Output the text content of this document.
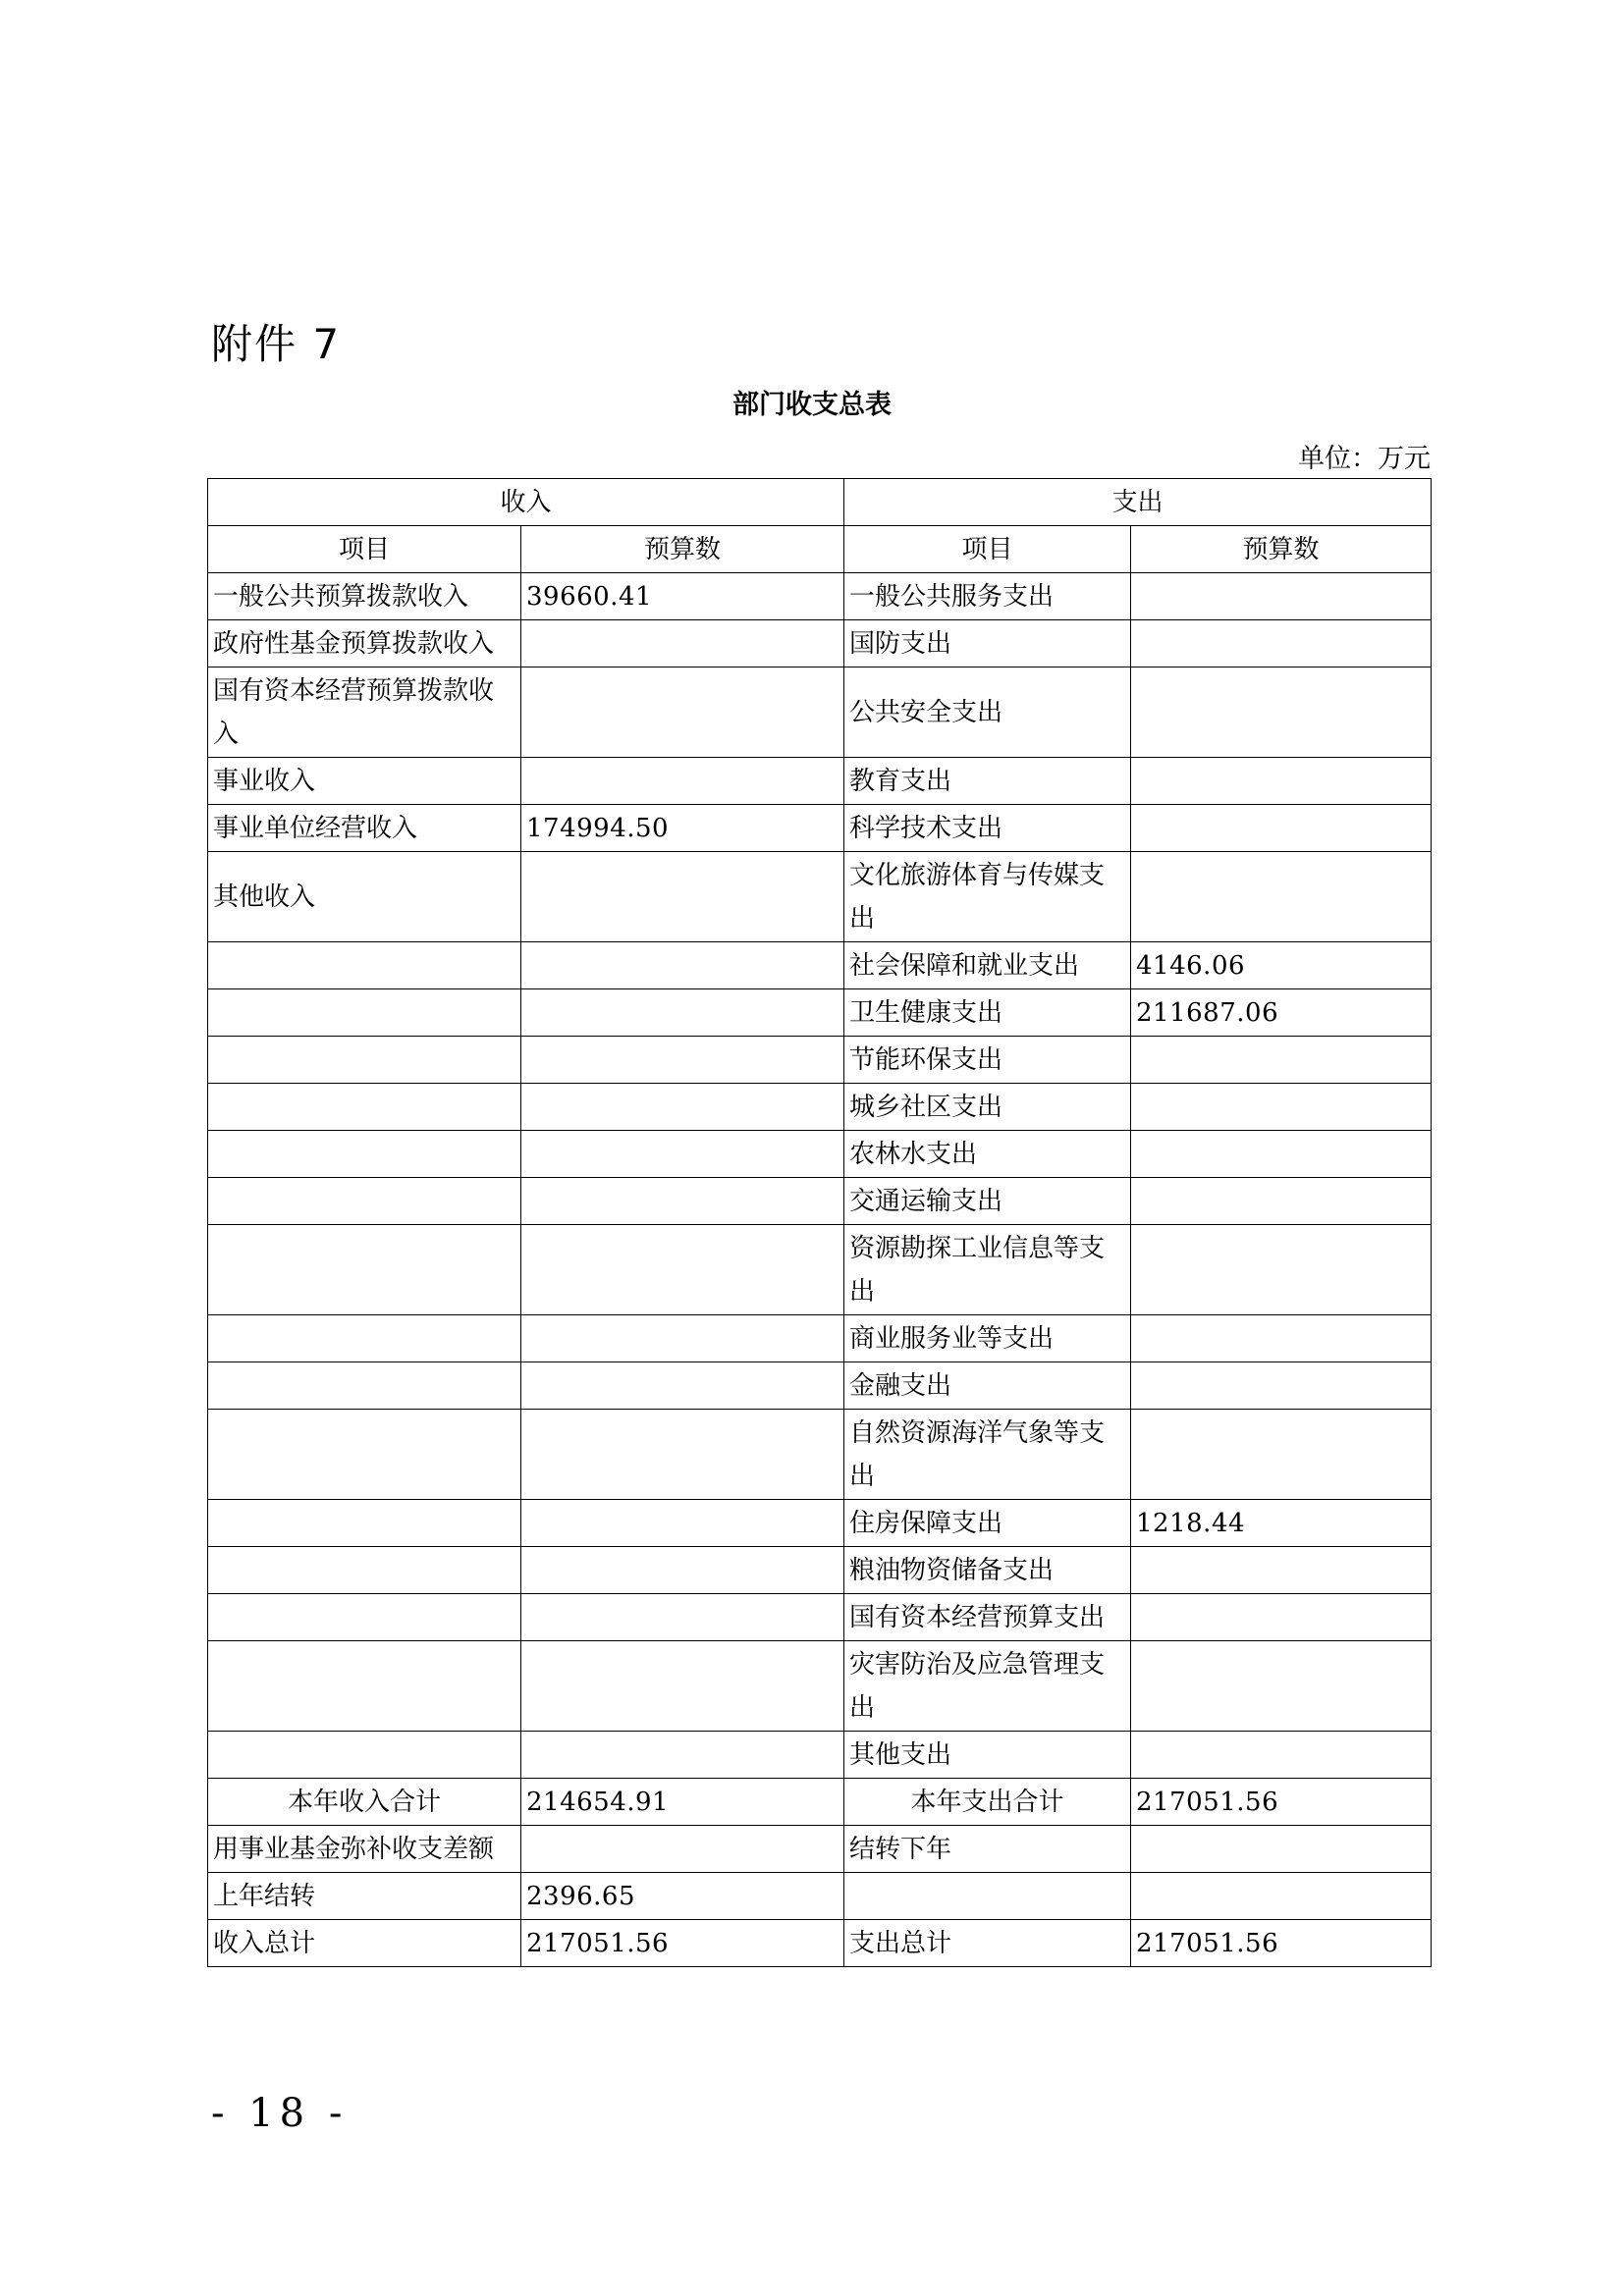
附件 7
部门收支总表
单位：万元
收入		支出	
项目	预算数	项目	预算数
一般公共预算拨款收入	39660.41	一般公共服务支出	
政府性基金预算拨款收入		国防支出	
国有资本经营预算拨款收入		公共安全支出	
事业收入		教育支出	
事业单位经营收入	174994.50	科学技术支出	
其他收入		文化旅游体育与传媒支出	
		社会保障和就业支出	4146.06
		卫生健康支出	211687.06
		节能环保支出	
		城乡社区支出	
		农林水支出	
		交通运输支出	
		资源勘探工业信息等支出	
		商业服务业等支出	
		金融支出	
		自然资源海洋气象等支出	
		住房保障支出	1218.44
		粮油物资储备支出	
		国有资本经营预算支出	
		灾害防治及应急管理支出	
		其他支出	
本年收入合计	214654.91	本年支出合计	217051.56
用事业基金弥补收支差额		结转下年	
上年结转	2396.65		
收入总计	217051.56	支出总计	217051.56
- 18 -
